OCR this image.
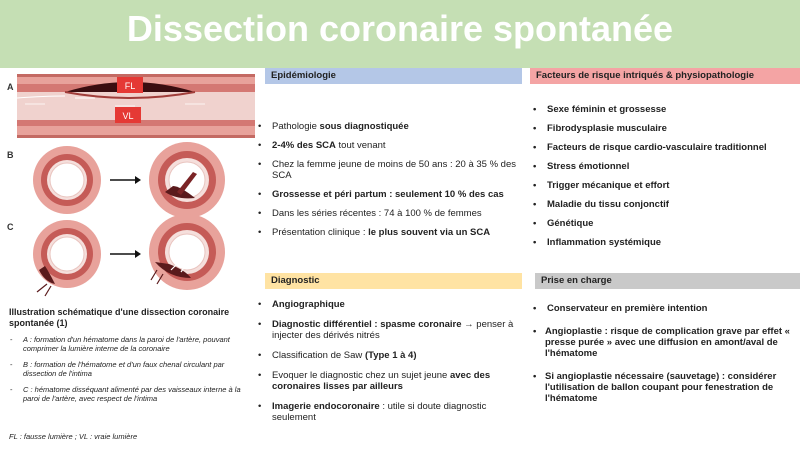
Dissection coronaire spontanée
A	FL
VL
B
C
Illustration schématique d'une dissection coronaire spontanée (1)
- A : formation d'un hématome dans la paroi de l'artère, pouvant comprimer la lumière interne de la coronaire
- B : formation de l'hématome et d'un faux chenal circulant par dissection de l'intima
- C : hématome disséquant alimenté par des vaisseaux interne à la paroi de l'artère, avec respect de l'intima
FL : fausse lumière ; VL : vraie lumière
Epidémiologie
• Pathologie sous diagnostiquée
• 2-4% des SCA tout venant
• Chez la femme jeune de moins de 50 ans : 20 à 35 % des SCA
• Grossesse et péri partum : seulement 10 % des cas
• Dans les séries récentes : 74 à 100 % de femmes
• Présentation clinique : le plus souvent via un SCA
Facteurs de risque intriqués & physiopathologie
• Sexe féminin et grossesse
• Fibrodysplasie musculaire
• Facteurs de risque cardio-vasculaire traditionnel
• Stress émotionnel
• Trigger mécanique et effort
• Maladie du tissu conjonctif
• Génétique
• Inflammation systémique
Diagnostic
• Angiographique
• Diagnostic différentiel : spasme coronaire → penser à injecter des dérivés nitrés
• Classification de Saw (Type 1 à 4)
• Evoquer le diagnostic chez un sujet jeune avec des coronaires lisses par ailleurs
• Imagerie endocoronaire : utile si doute diagnostic seulement
Prise en charge
• Conservateur en première intention
• Angioplastie : risque de complication grave par effet « presse purée » avec une diffusion en amont/aval de l'hématome
• Si angioplastie nécessaire (sauvetage) : considérer l'utilisation de ballon coupant pour fenestration de l'hématome
